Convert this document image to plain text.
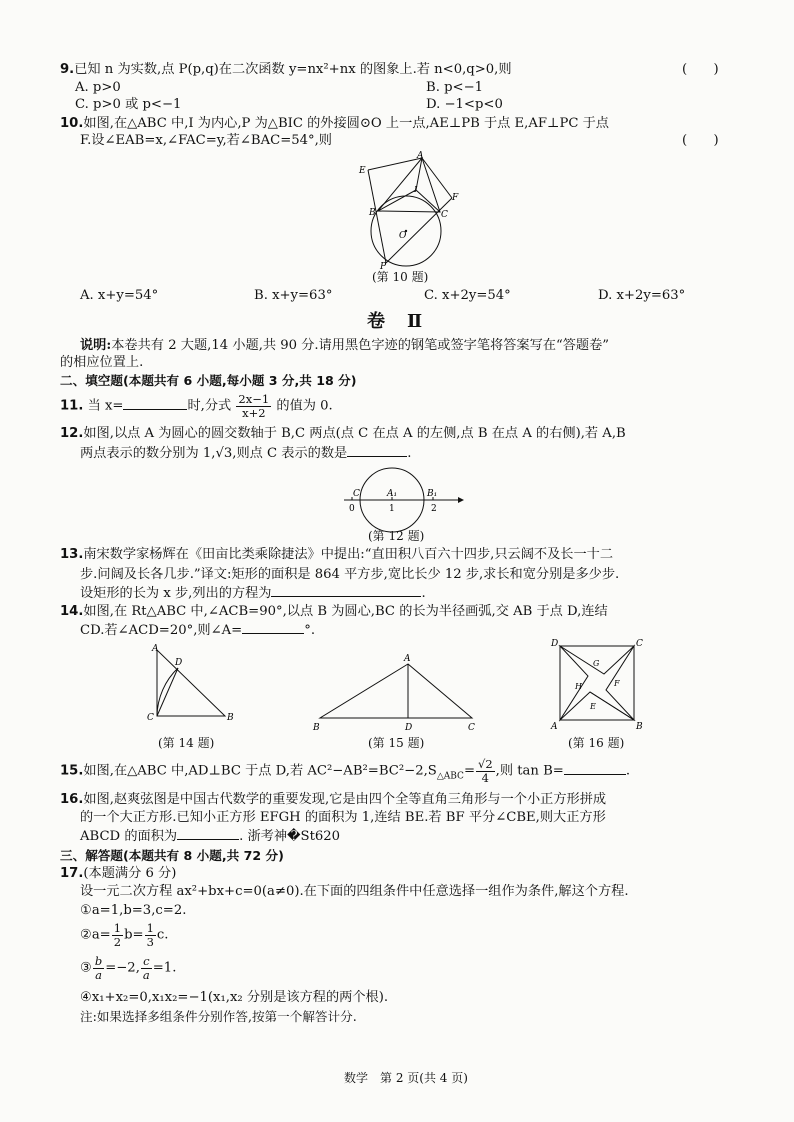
9.已知 n 为实数,点 P(p,q)在二次函数 y=nx²+nx 的图象上.若 n<0,q>0,则	(　　)
A. p>0	B. p<−1
C. p>0 或 p<−1	D. −1<p<0
10.如图,在△ABC 中,I 为内心,P 为△BIC 的外接圆⊙O 上一点,AE⊥PB 于点 E,AF⊥PC 于点
F.设∠EAB=x,∠FAC=y,若∠BAC=54°,则	(　　)
A
E
I
F
B	C
O
P
(第 10 题)
A. x+y=54°	B. x+y=63°	C. x+2y=54°	D. x+2y=63°
卷　Ⅱ
说明:本卷共有 2 大题,14 小题,共 90 分.请用黑色字迹的钢笔或签字笔将答案写在“答题卷”
的相应位置上.
二、填空题(本题共有 6 小题,每小题 3 分,共 18 分)
11. 当 x=	时,分式 $\frac{2x-1}{x+2}$ 的值为 0.
12.如图,以点 A 为圆心的圆交数轴于 B,C 两点(点 C 在点 A 的左侧,点 B 在点 A 的右侧),若 A,B
两点表示的数分别为 1,√3,则点 C 表示的数是	.
C	A₁	B₁
0	1	2
(第 12 题)
13.南宋数学家杨辉在《田亩比类乘除捷法》中提出:“直田积八百六十四步,只云阔不及长一十二
步.问阔及长各几步.”译文:矩形的面积是 864 平方步,宽比长少 12 步,求长和宽分别是多少步.
设矩形的长为 x 步,列出的方程为	.
14.如图,在 Rt△ABC 中,∠ACB=90°,以点 B 为圆心,BC 的长为半径画弧,交 AB 于点 D,连结
CD.若∠ACD=20°,则∠A=	°.
A
D
C	B
(第 14 题)
A
B	D	C
(第 15 题)
D	C
A	B
G
H	F
E
(第 16 题)
15.如图,在△ABC 中,AD⊥BC 于点 D,若 $AC^2-AB^2=BC^2-2,S_{\triangle ABC}= \frac{√2}{4}$ ,则 tan B=	.
16.如图,赵爽弦图是中国古代数学的重要发现,它是由四个全等直角三角形与一个小正方形拼成
的一个大正方形.已知小正方形 EFGH 的面积为 1,连结 BE.若 BF 平分∠CBE,则大正方形
ABCD 的面积为	. 浙考神�St620
三、解答题(本题共有 8 小题,共 72 分)
17.(本题满分 6 分)
设一元二次方程 ax²+bx+c=0(a≠0).在下面的四组条件中任意选择一组作为条件,解这个方程.
①a=1,b=3,c=2.
②a= $\frac{1}{2} b= \frac{1}{3} c$.
③ $\frac{b}{a} =-2$, $\frac{c}{a} =1$.
④x₁+x₂=0,x₁x₂=−1(x₁,x₂ 分别是该方程的两个根).
注:如果选择多组条件分别作答,按第一个解答计分.
数学　第 2 页(共 4 页)
